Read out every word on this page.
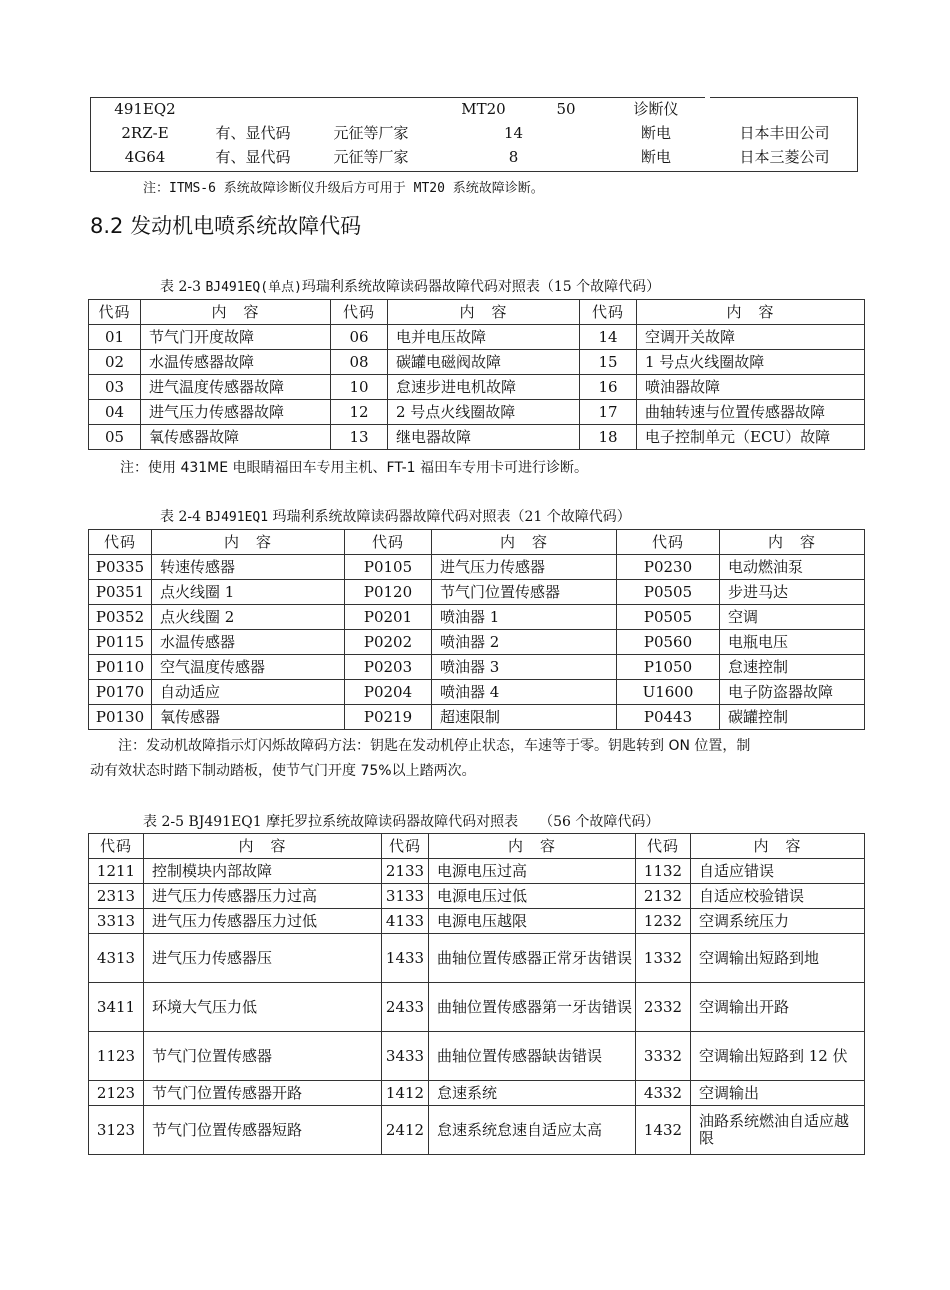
491EQ2			MT20	50	诊断仪	
2RZ-E	有、显代码	元征等厂家	14		断电	日本丰田公司
4G64	有、显代码	元征等厂家	8		断电	日本三菱公司
注：ITMS-6 系统故障诊断仪升级后方可用于 MT20 系统故障诊断。
8.2 发动机电喷系统故障代码
表 2-3 BJ491EQ(单点)玛瑞利系统故障读码器故障代码对照表（15 个故障代码）
代码	内　容	代码	内　容	代码	内　容
01	节气门开度故障	06	电并电压故障	14	空调开关故障
02	水温传感器故障	08	碳罐电磁阀故障	15	1 号点火线圈故障
03	进气温度传感器故障	10	怠速步进电机故障	16	喷油器故障
04	进气压力传感器故障	12	2 号点火线圈故障	17	曲轴转速与位置传感器故障
05	氧传感器故障	13	继电器故障	18	电子控制单元（ECU）故障
注：使用 431ME 电眼睛福田车专用主机、FT-1 福田车专用卡可进行诊断。
表 2-4 BJ491EQ1 玛瑞利系统故障读码器故障代码对照表（21 个故障代码）
代码	内　容	代码	内　容	代码	内　容
P0335	转速传感器	P0105	进气压力传感器	P0230	电动燃油泵
P0351	点火线圈 1	P0120	节气门位置传感器	P0505	步进马达
P0352	点火线圈 2	P0201	喷油器 1	P0505	空调
P0115	水温传感器	P0202	喷油器 2	P0560	电瓶电压
P0110	空气温度传感器	P0203	喷油器 3	P1050	怠速控制
P0170	自动适应	P0204	喷油器 4	U1600	电子防盗器故障
P0130	氧传感器	P0219	超速限制	P0443	碳罐控制
注：发动机故障指示灯闪烁故障码方法：钥匙在发动机停止状态，车速等于零。钥匙转到 ON 位置，制
动有效状态时踏下制动踏板，使节气门开度 75%以上踏两次。
表 2-5 BJ491EQ1 摩托罗拉系统故障读码器故障代码对照表　　（56 个故障代码）
代码	内　容	代码	内　容	代码	内　容
1211	控制模块内部故障	2133	电源电压过高	1132	自适应错误
2313	进气压力传感器压力过高	3133	电源电压过低	2132	自适应校验错误
3313	进气压力传感器压力过低	4133	电源电压越限	1232	空调系统压力
4313	进气压力传感器压	1433	曲轴位置传感器正常牙齿错误	1332	空调输出短路到地
3411	环境大气压力低	2433	曲轴位置传感器第一牙齿错误	2332	空调输出开路
1123	节气门位置传感器	3433	曲轴位置传感器缺齿错误	3332	空调输出短路到 12 伏
2123	节气门位置传感器开路	1412	怠速系统	4332	空调输出
3123	节气门位置传感器短路	2412	怠速系统怠速自适应太高	1432	油路系统燃油自适应越限
